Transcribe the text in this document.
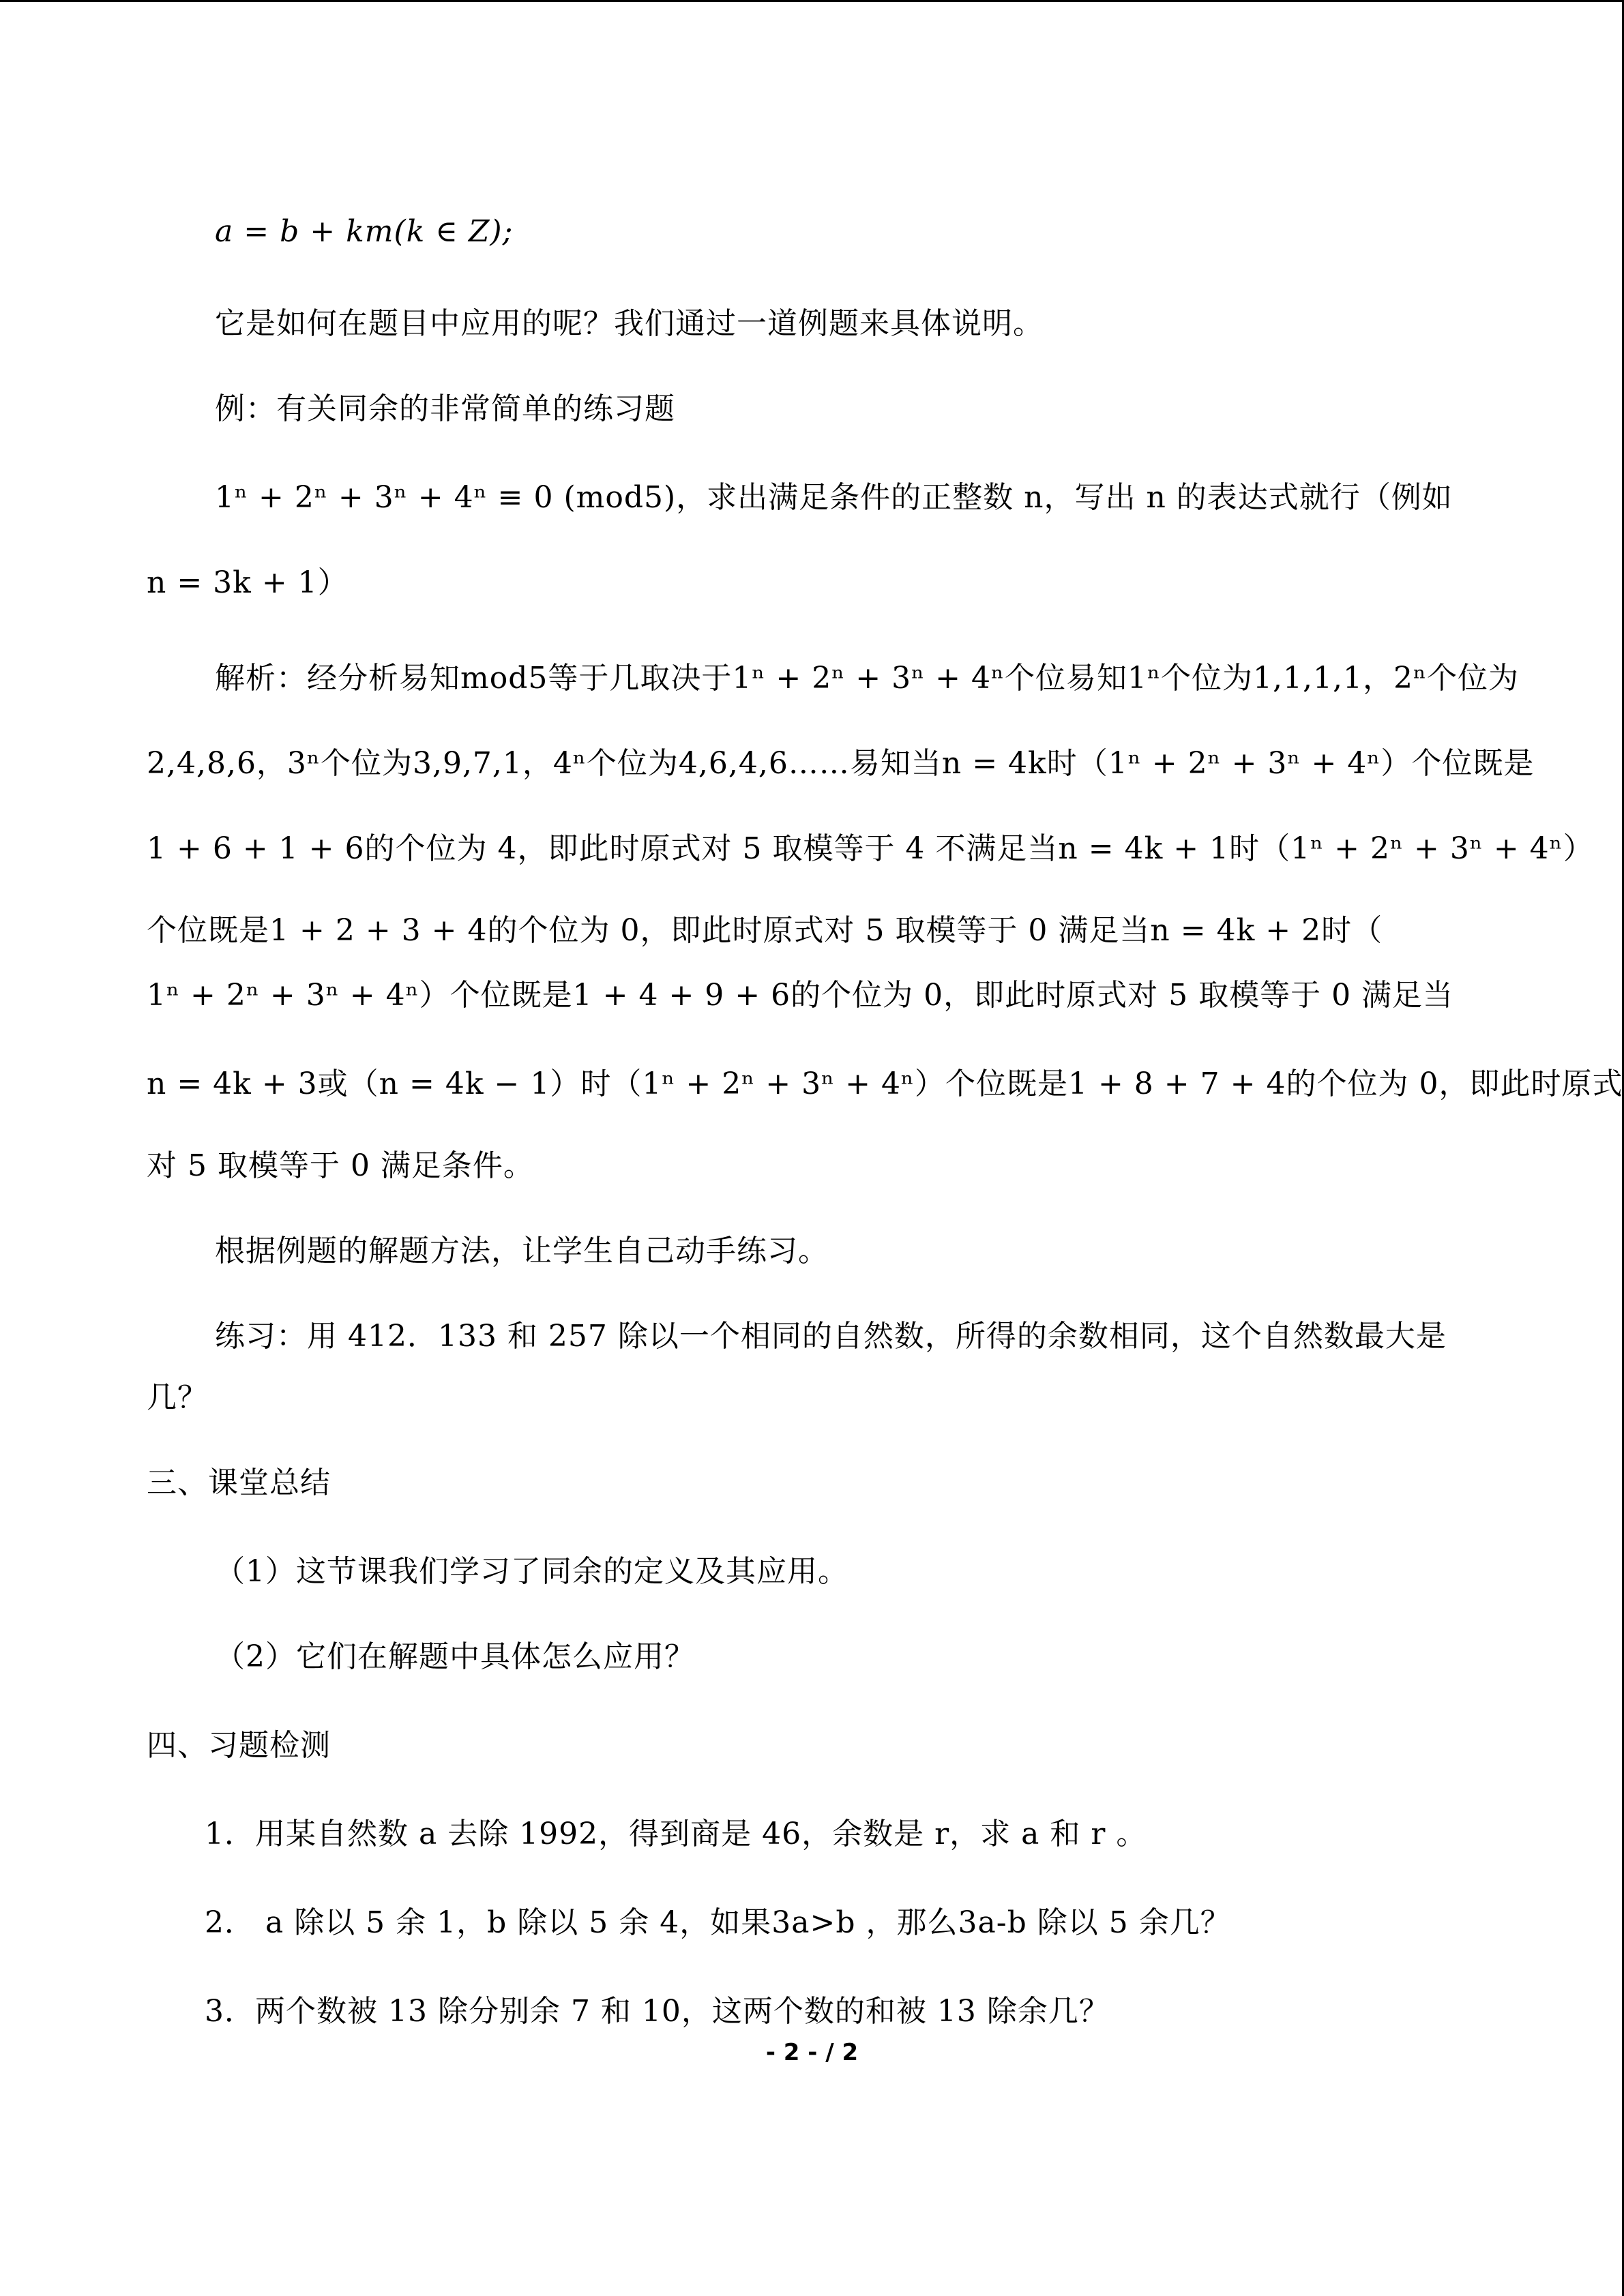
a = b + km(k ∈ Z);
它是如何在题目中应用的呢？我们通过一道例题来具体说明。
例：有关同余的非常简单的练习题
1ⁿ + 2ⁿ + 3ⁿ + 4ⁿ ≡ 0 (mod5)，求出满足条件的正整数 n，写出 n 的表达式就行（例如
n = 3k + 1）
解析：经分析易知mod5等于几取决于1ⁿ + 2ⁿ + 3ⁿ + 4ⁿ个位易知1ⁿ个位为1,1,1,1，2ⁿ个位为
2,4,8,6，3ⁿ个位为3,9,7,1，4ⁿ个位为4,6,4,6……易知当n = 4k时（1ⁿ + 2ⁿ + 3ⁿ + 4ⁿ）个位既是
1 + 6 + 1 + 6的个位为 4，即此时原式对 5 取模等于 4 不满足当n = 4k + 1时（1ⁿ + 2ⁿ + 3ⁿ + 4ⁿ）
个位既是1 + 2 + 3 + 4的个位为 0，即此时原式对 5 取模等于 0 满足当n = 4k + 2时（
1ⁿ + 2ⁿ + 3ⁿ + 4ⁿ）个位既是1 + 4 + 9 + 6的个位为 0，即此时原式对 5 取模等于 0 满足当
n = 4k + 3或（n = 4k − 1）时（1ⁿ + 2ⁿ + 3ⁿ + 4ⁿ）个位既是1 + 8 + 7 + 4的个位为 0，即此时原式
对 5 取模等于 0 满足条件。
根据例题的解题方法，让学生自己动手练习。
练习：用 412．133 和 257 除以一个相同的自然数，所得的余数相同，这个自然数最大是
几？
三、课堂总结
（1）这节课我们学习了同余的定义及其应用。
（2）它们在解题中具体怎么应用？
四、习题检测
1．用某自然数 a 去除 1992，得到商是 46，余数是 r，求 a 和 r 。
2． a 除以 5 余 1，b 除以 5 余 4，如果3a>b ，那么3a-b 除以 5 余几？
3．两个数被 13 除分别余 7 和 10，这两个数的和被 13 除余几？
- 2 - / 2
